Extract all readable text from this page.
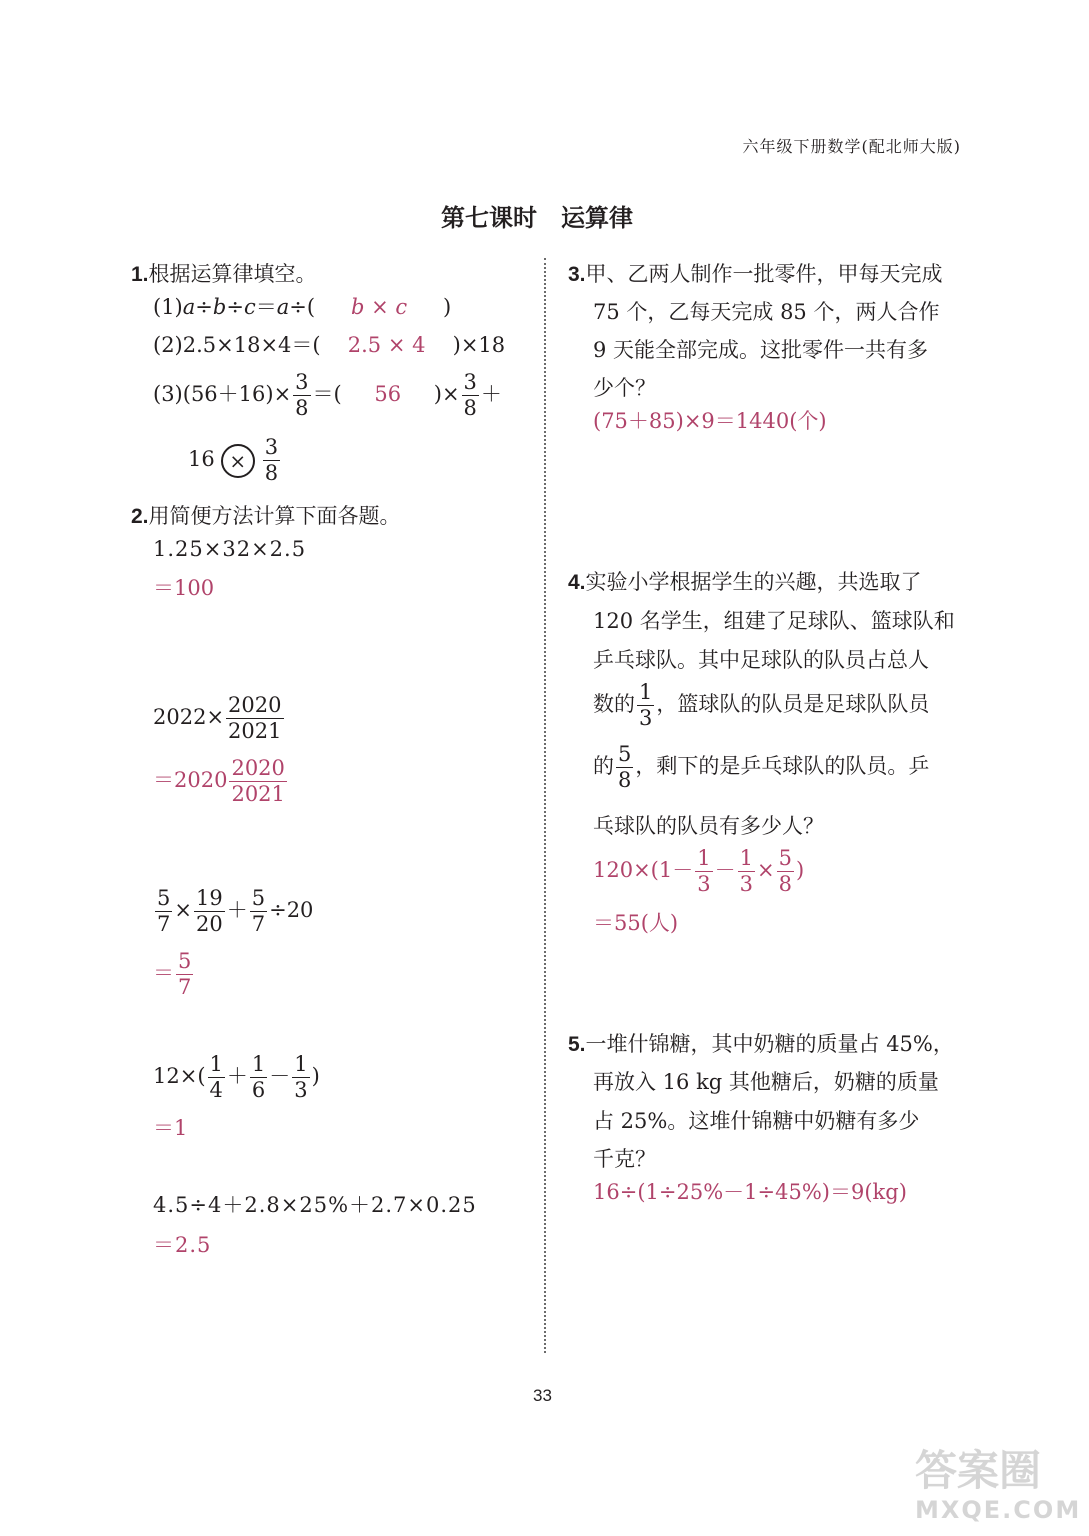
六年级下册数学(配北师大版)
第七课时　运算律
1.根据运算律填空。
(1)a÷b÷c＝a÷( b × c )
(2)2.5×18×4＝( 2.5 × 4 )×18
$(3)(56+16)\times \frac{3}{8}$ ＝( 56 )× $\frac{3}{8}$ ＋
$16 \times \frac{3}{8}$
2.用简便方法计算下面各题。
1.25×32×2.5
＝100
$2022\times \frac{2020}{2021}$
$=2020 \frac{2020}{2021}$
$\frac{5}{7} \times \frac{19}{20} + \frac{5}{7} \div 20$
＝ $\frac{5}{7}$
$12\times( \frac{1}{4} + \frac{1}{6} - \frac{1}{3}$ )
＝1
4.5÷4＋2.8×25%＋2.7×0.25
＝2.5
3.甲、乙两人制作一批零件，甲每天完成
75 个，乙每天完成 85 个，两人合作
9 天能全部完成。这批零件一共有多
少个？
(75＋85)×9＝1440(个)
4.实验小学根据学生的兴趣，共选取了
120 名学生，组建了足球队、篮球队和
乒乓球队。其中足球队的队员占总人
数的 $\frac{1}{3}$ ，篮球队的队员是足球队队员
的 $\frac{5}{8}$ ，剩下的是乒乓球队的队员。乒
乓球队的队员有多少人？
$120\times(1- \frac{1}{3} - \frac{1}{3} \times \frac{5}{8}$ )
＝55(人)
5.一堆什锦糖，其中奶糖的质量占 45%，
再放入 16 kg 其他糖后，奶糖的质量
占 25%。这堆什锦糖中奶糖有多少
千克？
16÷(1÷25%－1÷45%)＝9(kg)
33
答案圈
MXQE.COM
